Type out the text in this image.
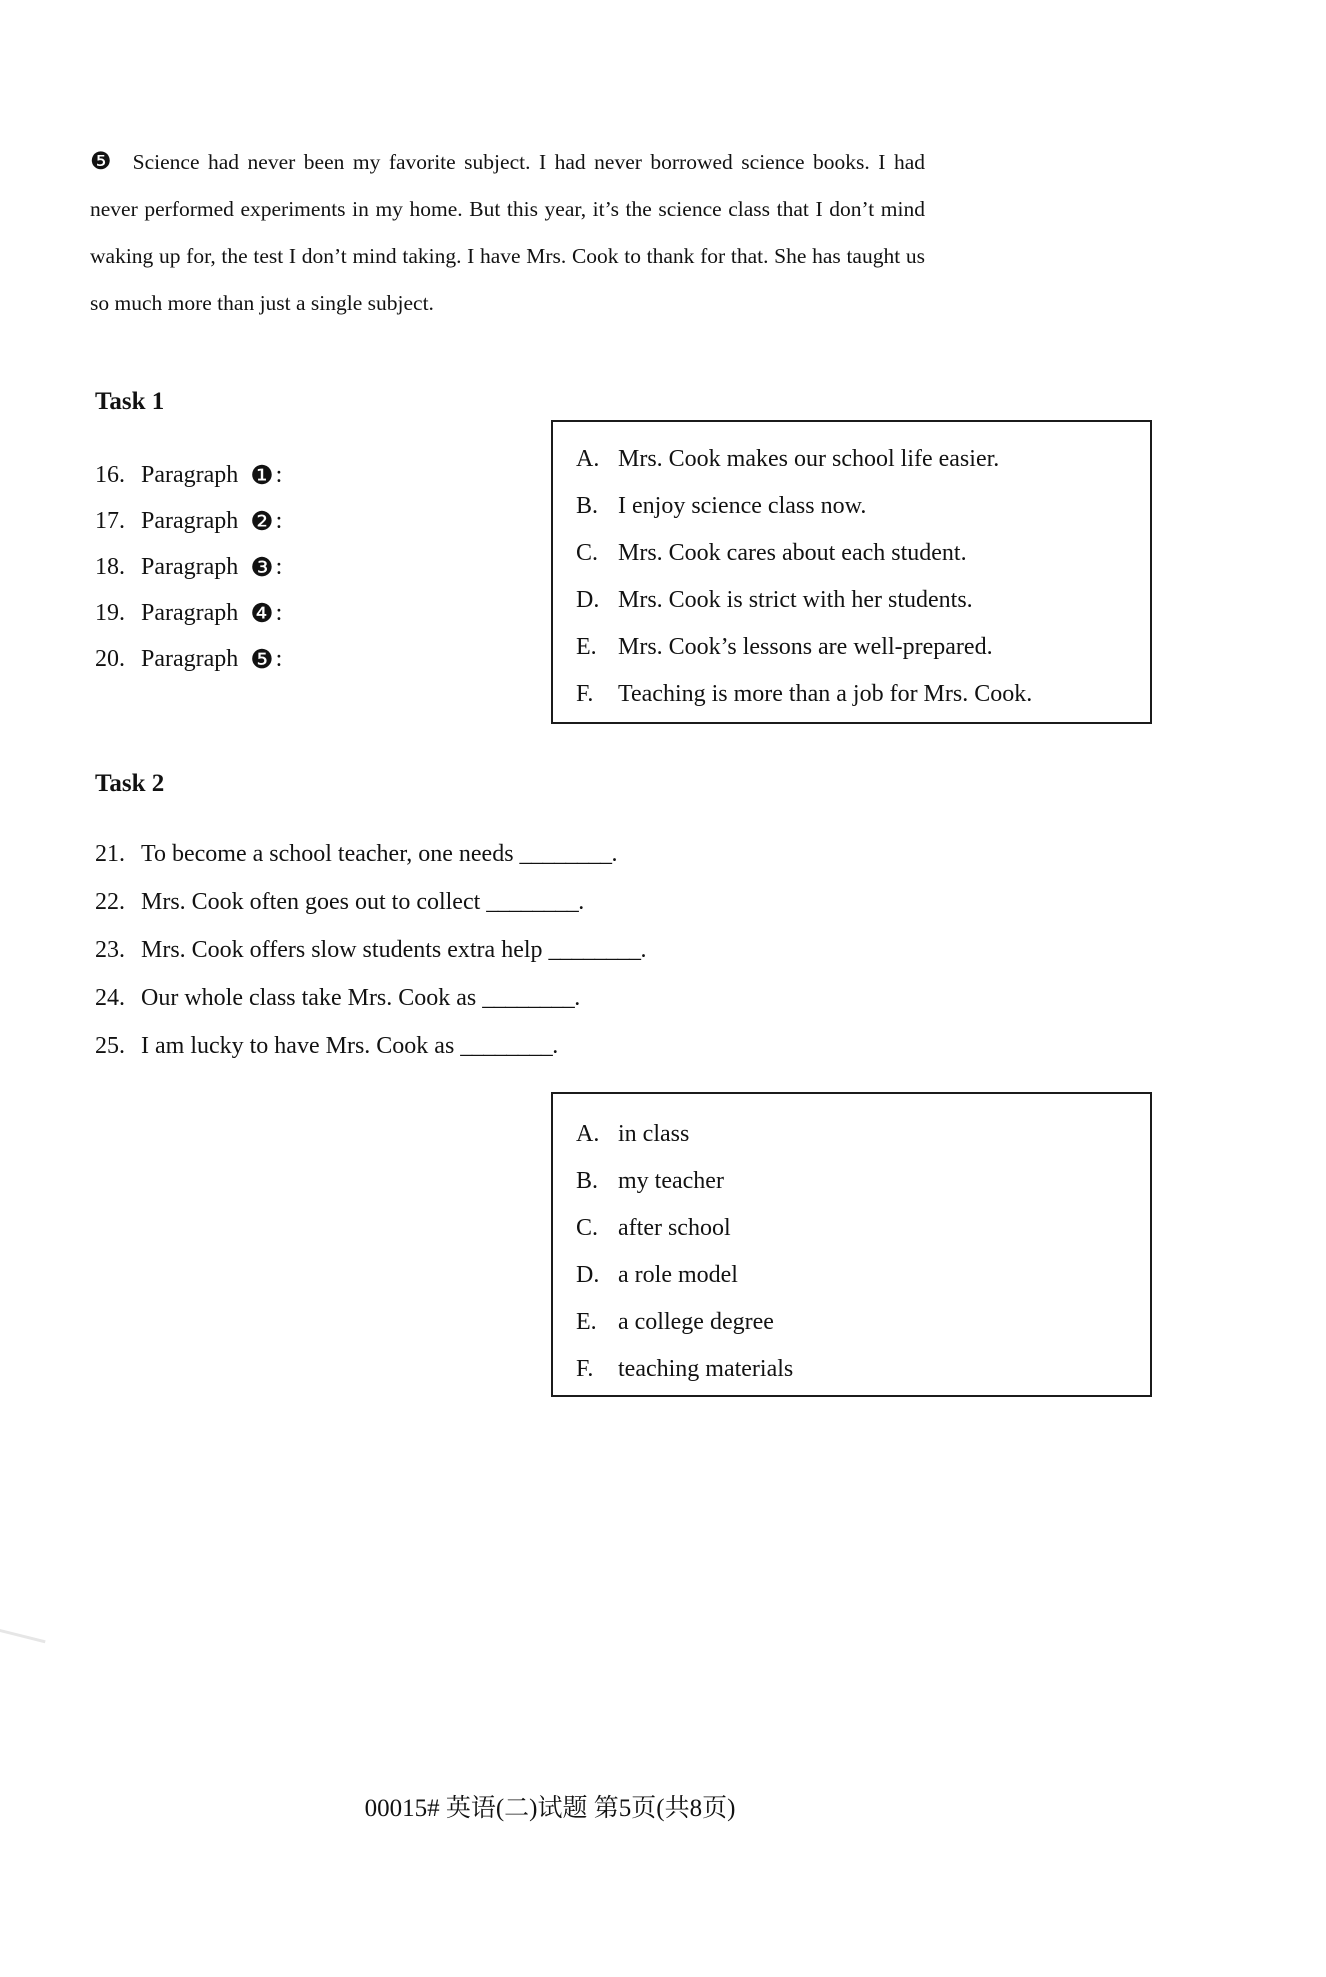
❺ Science had never been my favorite subject. I had never borrowed science books. I had
never performed experiments in my home. But this year, it’s the science class that I don’t mind
waking up for, the test I don’t mind taking. I have Mrs. Cook to thank for that. She has taught us
so much more than just a single subject.
Task 1
16. Paragraph ❶:
17. Paragraph ❷:
18. Paragraph ❸:
19. Paragraph ❹:
20. Paragraph ❺:
A. Mrs. Cook makes our school life easier.
B. I enjoy science class now.
C. Mrs. Cook cares about each student.
D. Mrs. Cook is strict with her students.
E. Mrs. Cook’s lessons are well-prepared.
F. Teaching is more than a job for Mrs. Cook.
Task 2
21. To become a school teacher, one needs ________.
22. Mrs. Cook often goes out to collect ________.
23. Mrs. Cook offers slow students extra help ________.
24. Our whole class take Mrs. Cook as ________.
25. I am lucky to have Mrs. Cook as ________.
A. in class
B. my teacher
C. after school
D. a role model
E. a college degree
F. teaching materials
00015# 英语(二)试题 第5页(共8页)
